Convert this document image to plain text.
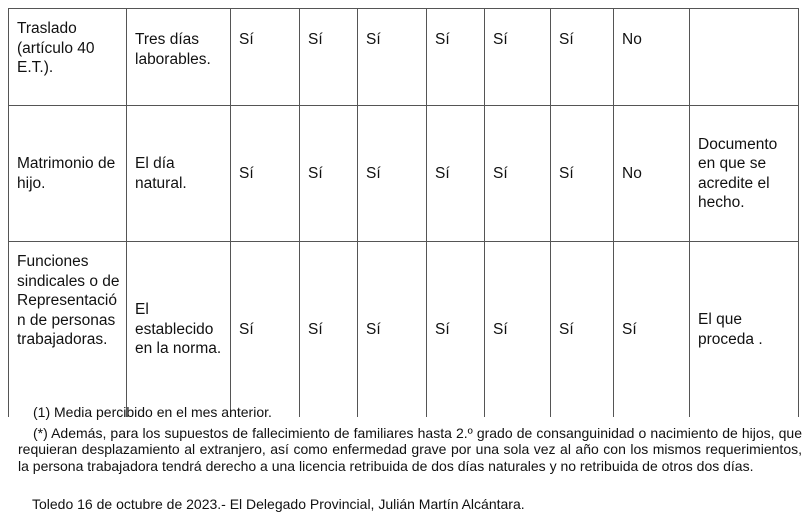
Traslado (artículo 40 E.T.).	Tres días laborables.	Sí	Sí	Sí	Sí	Sí	Sí	No	
Matrimonio de hijo.	El día natural.	Sí	Sí	Sí	Sí	Sí	Sí	No	Documento en que se acredite el hecho.
Funciones sindicales o de Representació n de personas trabajadoras.	El establecido en la norma.	Sí	Sí	Sí	Sí	Sí	Sí	Sí	El que proceda .

(1) Media percibido en el mes anterior.

(*) Además, para los supuestos de fallecimiento de familiares hasta 2.º grado de consanguinidad o nacimiento de hijos, que requieran desplazamiento al extranjero, así como enfermedad grave por una sola vez al año con los mismos requerimientos, la persona trabajadora tendrá derecho a una licencia retribuida de dos días naturales y no retribuida de otros dos días.

Toledo 16 de octubre de 2023.- El Delegado Provincial, Julián Martín Alcántara.
